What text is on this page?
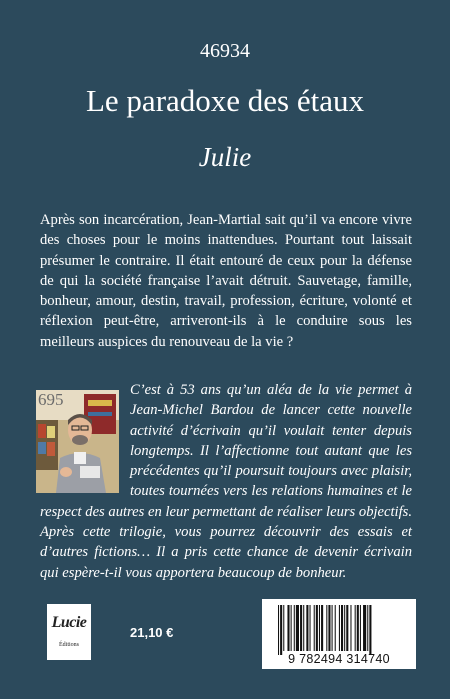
46934
Le paradoxe des étaux
Julie

Après son incarcération, Jean-Martial sait qu’il va encore vivre des choses pour le moins inattendues. Pourtant tout laissait présumer le contraire. Il était entouré de ceux pour la défense de qui la société française l’avait détruit. Sauvetage, famille, bonheur, amour, destin, travail, profession, écriture, volonté et réflexion peut-être, arriveront-ils à le conduire sous les meilleurs auspices du renouveau de la vie ?

695	C’est à 53 ans qu’un aléa de la vie permet à Jean-Michel Bardou de lancer cette nouvelle activité d’écrivain qu’il voulait tenter depuis longtemps. Il l’affectionne tout autant que les précédentes qu’il poursuit toujours avec plaisir, toutes tournées vers les relations humaines et le respect des autres en leur permettant de réaliser leurs objectifs. Après cette trilogie, vous pourrez découvrir des essais et d’autres fictions… Il a pris cette chance de devenir écrivain qui espère-t-il vous apportera beaucoup de bonheur.

Lucie
Éditions
21,10 €
9 782494 314740
